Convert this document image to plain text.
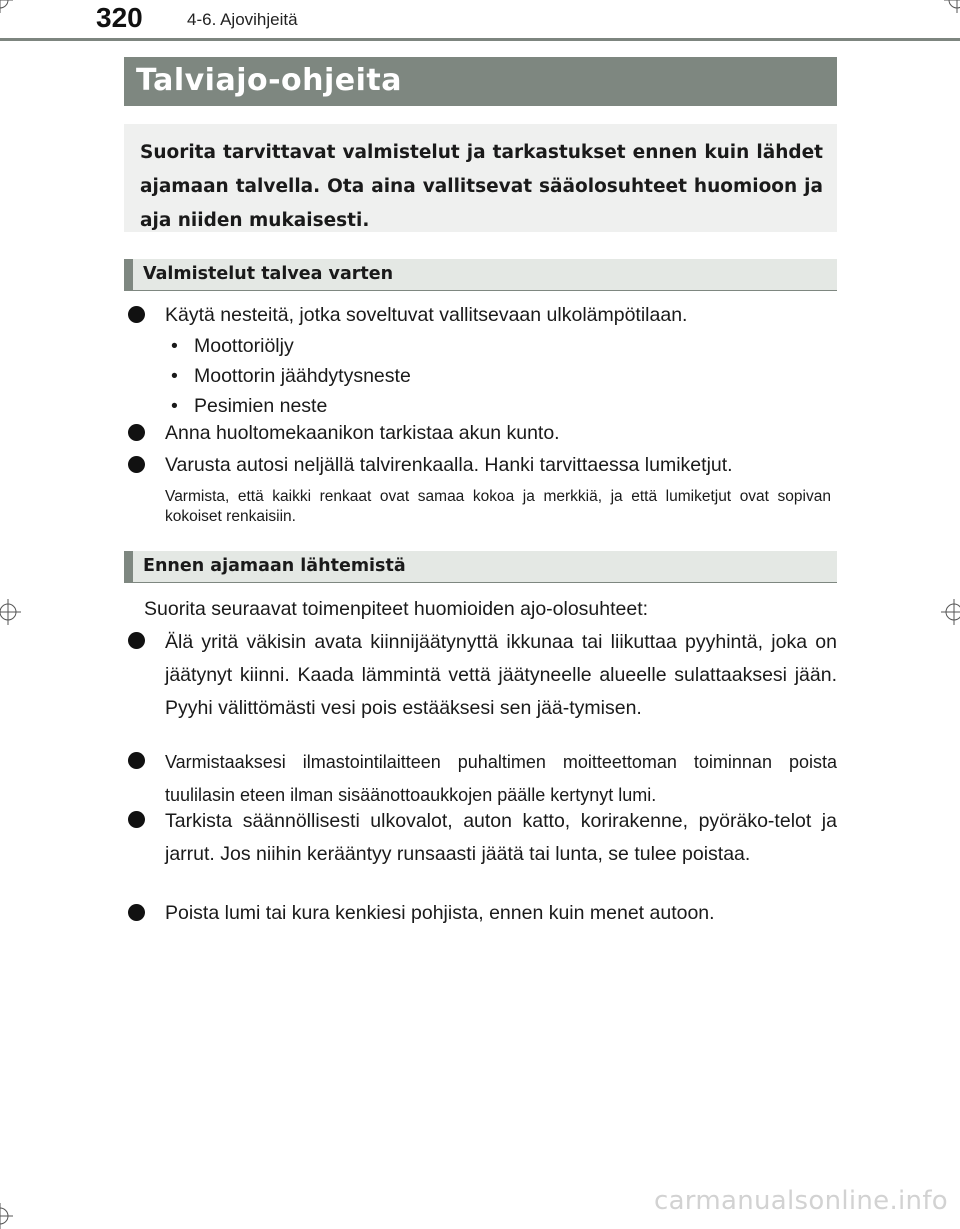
320	4-6. Ajovihjeitä
Talviajo-ohjeita
Suorita tarvittavat valmistelut ja tarkastukset ennen kuin lähdet ajamaan talvella. Ota aina vallitsevat sääolosuhteet huomioon ja aja niiden mukaisesti.
Valmistelut talvea varten
Käytä nesteitä, jotka soveltuvat vallitsevaan ulkolämpötilaan.
• Moottoriöljy
• Moottorin jäähdytysneste
• Pesimien neste
Anna huoltomekaanikon tarkistaa akun kunto.
Varusta autosi neljällä talvirenkaalla. Hanki tarvittaessa lumiketjut.
Varmista, että kaikki renkaat ovat samaa kokoa ja merkkiä, ja että lumiketjut ovat sopivan kokoiset renkaisiin.
Ennen ajamaan lähtemistä
Suorita seuraavat toimenpiteet huomioiden ajo-olosuhteet:
Älä yritä väkisin avata kiinnijäätynyttä ikkunaa tai liikuttaa pyyhintä, joka on jäätynyt kiinni. Kaada lämmintä vettä jäätyneelle alueelle sulattaaksesi jään. Pyyhi välittömästi vesi pois estääksesi sen jää-tymisen.
Varmistaaksesi ilmastointilaitteen puhaltimen moitteettoman toiminnan poista tuulilasin eteen ilman sisäänottoaukkojen päälle kertynyt lumi.
Tarkista säännöllisesti ulkovalot, auton katto, korirakenne, pyöräko-telot ja jarrut. Jos niihin kerääntyy runsaasti jäätä tai lunta, se tulee poistaa.
Poista lumi tai kura kenkiesi pohjista, ennen kuin menet autoon.
carmanualsonline.info
